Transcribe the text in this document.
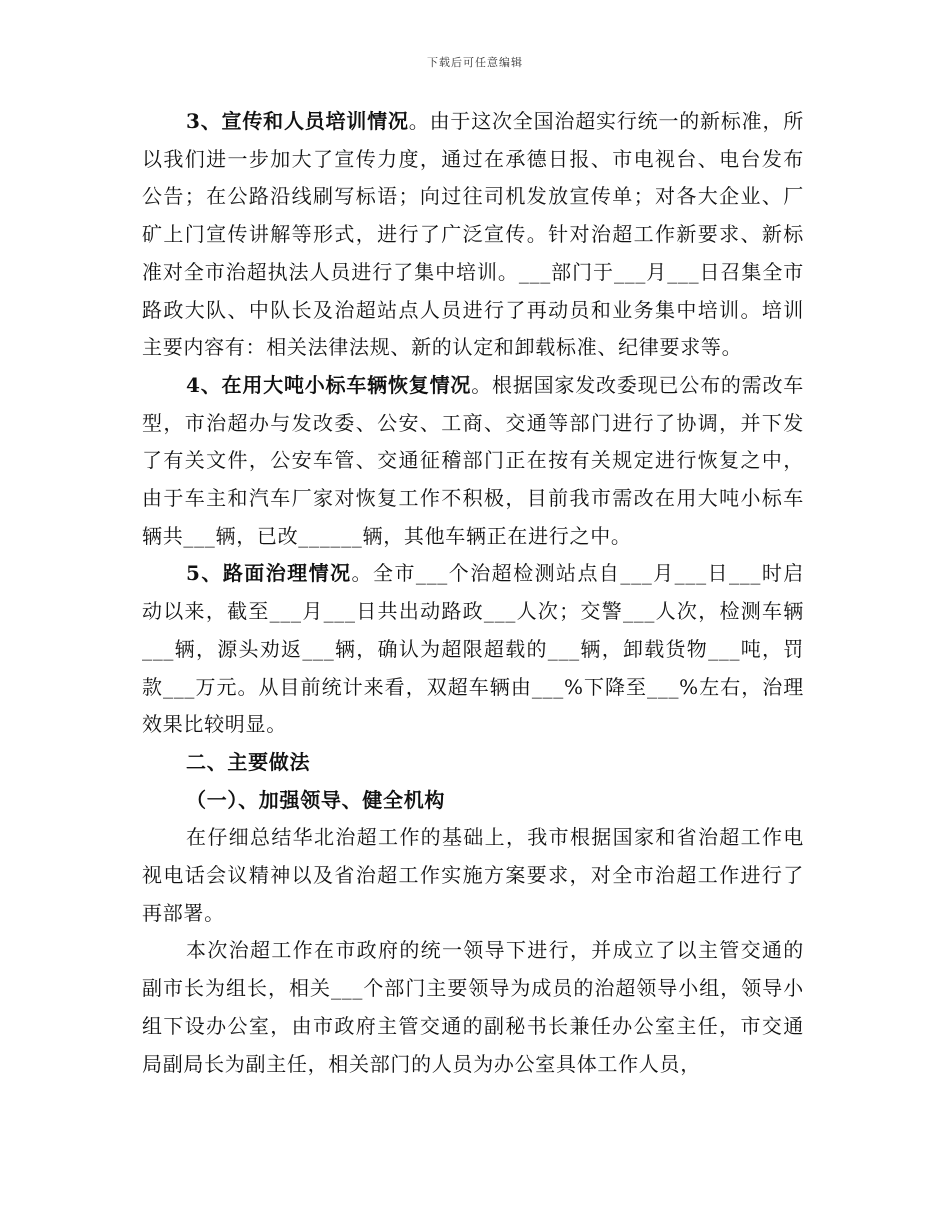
下载后可任意编辑

3、宣传和人员培训情况。由于这次全国治超实行统一的新标准，所以我们进一步加大了宣传力度，通过在承德日报、市电视台、电台发布公告；在公路沿线刷写标语；向过往司机发放宣传单；对各大企业、厂矿上门宣传讲解等形式，进行了广泛宣传。针对治超工作新要求、新标准对全市治超执法人员进行了集中培训。___部门于___月___日召集全市路政大队、中队长及治超站点人员进行了再动员和业务集中培训。培训主要内容有：相关法律法规、新的认定和卸载标准、纪律要求等。

4、在用大吨小标车辆恢复情况。根据国家发改委现已公布的需改车型，市治超办与发改委、公安、工商、交通等部门进行了协调，并下发了有关文件，公安车管、交通征稽部门正在按有关规定进行恢复之中，由于车主和汽车厂家对恢复工作不积极，目前我市需改在用大吨小标车辆共___辆，已改______辆，其他车辆正在进行之中。

5、路面治理情况。全市___个治超检测站点自___月___日___时启动以来，截至___月___日共出动路政___人次；交警___人次，检测车辆___辆，源头劝返___辆，确认为超限超载的___辆，卸载货物___吨，罚款___万元。从目前统计来看，双超车辆由___%下降至___%左右，治理效果比较明显。

二、主要做法

（一）、加强领导、健全机构

在仔细总结华北治超工作的基础上，我市根据国家和省治超工作电视电话会议精神以及省治超工作实施方案要求，对全市治超工作进行了再部署。

本次治超工作在市政府的统一领导下进行，并成立了以主管交通的副市长为组长，相关___个部门主要领导为成员的治超领导小组，领导小组下设办公室，由市政府主管交通的副秘书长兼任办公室主任，市交通局副局长为副主任，相关部门的人员为办公室具体工作人员，
